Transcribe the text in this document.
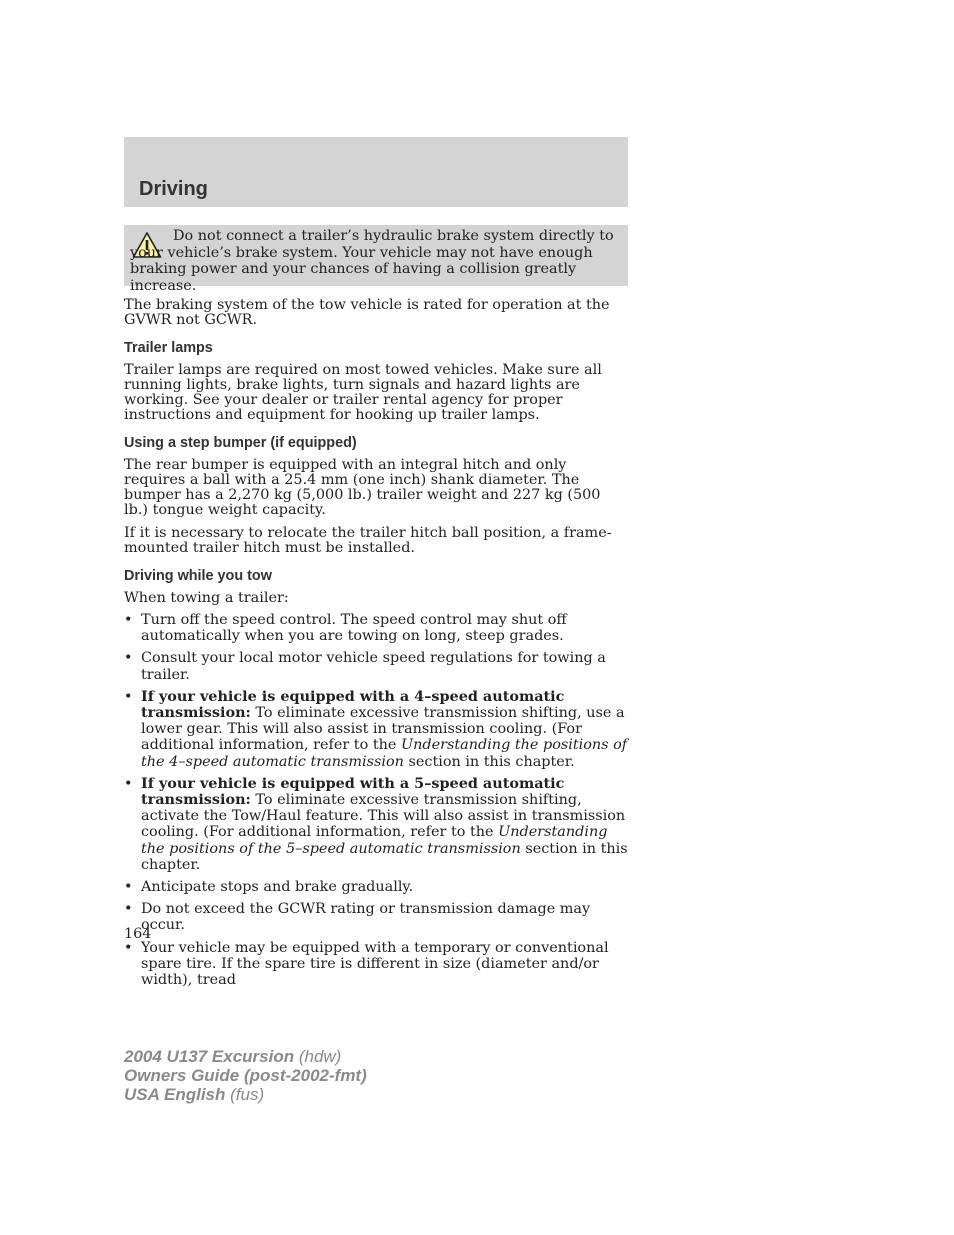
Driving

Do not connect a trailer’s hydraulic brake system directly to your vehicle’s brake system. Your vehicle may not have enough braking power and your chances of having a collision greatly increase.

The braking system of the tow vehicle is rated for operation at the GVWR not GCWR.

Trailer lamps

Trailer lamps are required on most towed vehicles. Make sure all running lights, brake lights, turn signals and hazard lights are working. See your dealer or trailer rental agency for proper instructions and equipment for hooking up trailer lamps.

Using a step bumper (if equipped)

The rear bumper is equipped with an integral hitch and only requires a ball with a 25.4 mm (one inch) shank diameter. The bumper has a 2,270 kg (5,000 lb.) trailer weight and 227 kg (500 lb.) tongue weight capacity.

If it is necessary to relocate the trailer hitch ball position, a frame-mounted trailer hitch must be installed.

Driving while you tow

When towing a trailer:

• Turn off the speed control. The speed control may shut off automatically when you are towing on long, steep grades.
• Consult your local motor vehicle speed regulations for towing a trailer.
• If your vehicle is equipped with a 4–speed automatic transmission: To eliminate excessive transmission shifting, use a lower gear. This will also assist in transmission cooling. (For additional information, refer to the Understanding the positions of the 4–speed automatic transmission section in this chapter.
• If your vehicle is equipped with a 5–speed automatic transmission: To eliminate excessive transmission shifting, activate the Tow/Haul feature. This will also assist in transmission cooling. (For additional information, refer to the Understanding the positions of the 5–speed automatic transmission section in this chapter.
• Anticipate stops and brake gradually.
• Do not exceed the GCWR rating or transmission damage may occur.
• Your vehicle may be equipped with a temporary or conventional spare tire. If the spare tire is different in size (diameter and/or width), tread

164

2004 U137 Excursion (hdw)
Owners Guide (post-2002-fmt)
USA English (fus)
